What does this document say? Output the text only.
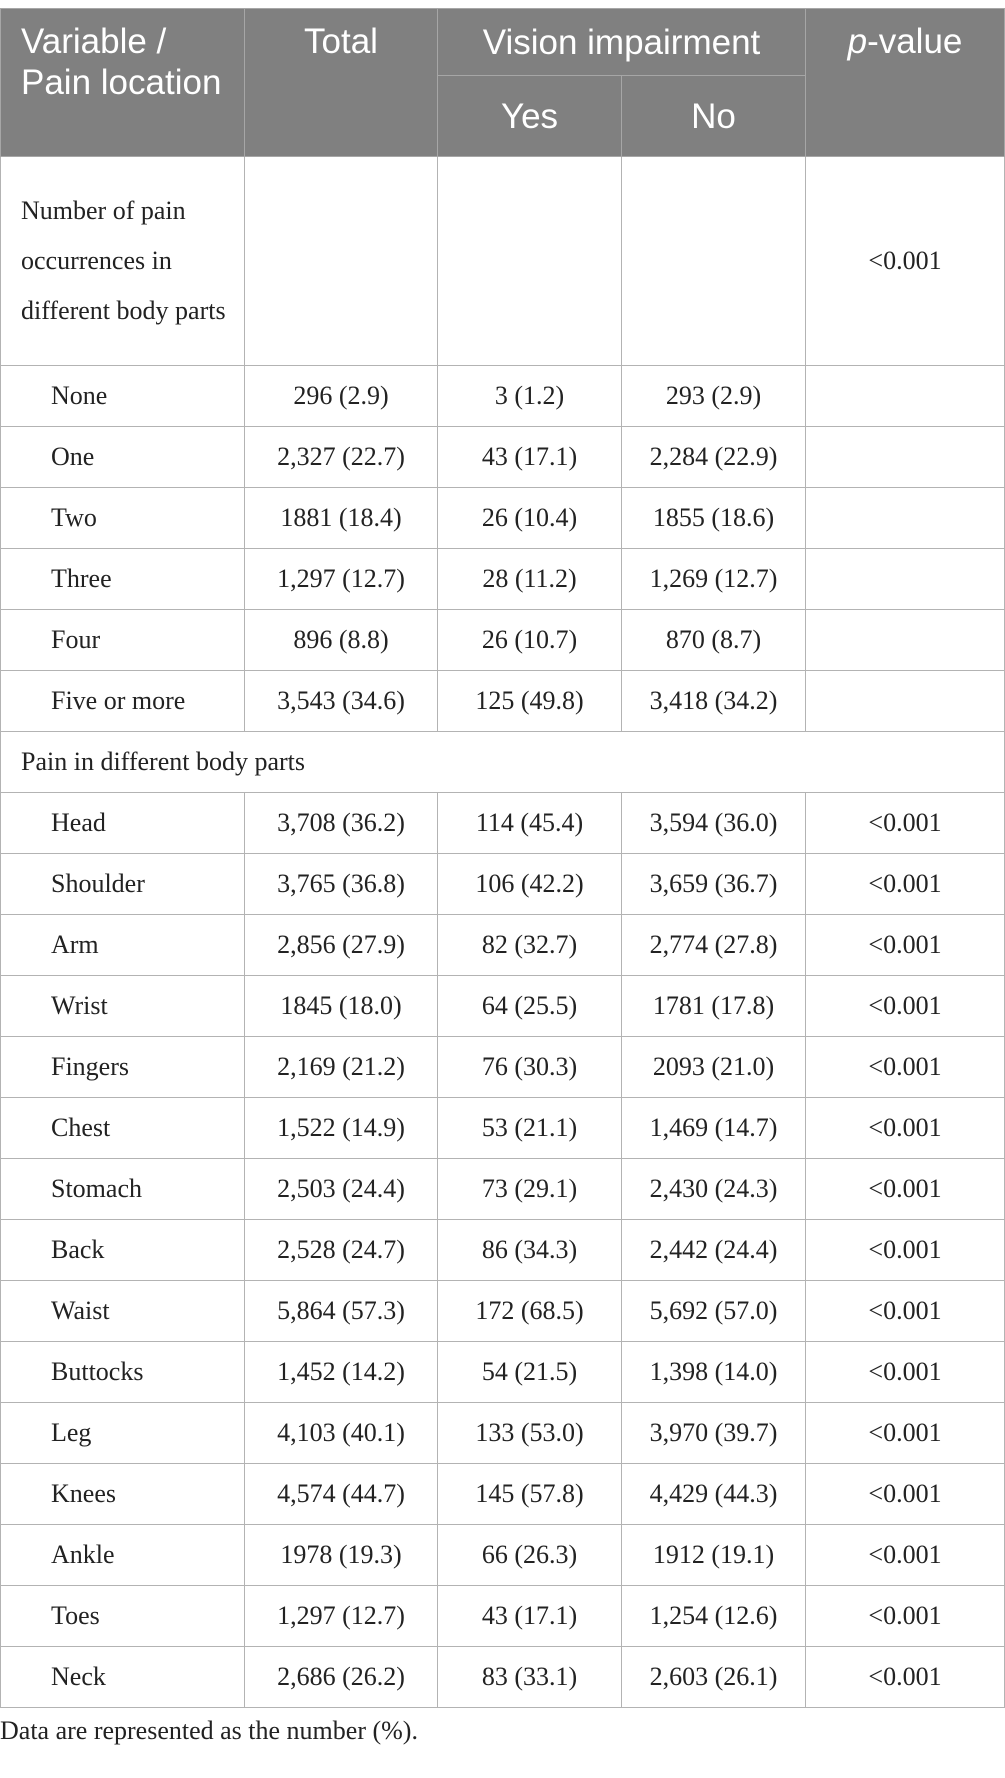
Variable / Pain location	Total	Vision impairment		p-value
		Yes	No	
Number of pain occurrences in different body parts				<0.001
None	296 (2.9)	3 (1.2)	293 (2.9)	
One	2,327 (22.7)	43 (17.1)	2,284 (22.9)	
Two	1881 (18.4)	26 (10.4)	1855 (18.6)	
Three	1,297 (12.7)	28 (11.2)	1,269 (12.7)	
Four	896 (8.8)	26 (10.7)	870 (8.7)	
Five or more	3,543 (34.6)	125 (49.8)	3,418 (34.2)	
Pain in different body parts				
Head	3,708 (36.2)	114 (45.4)	3,594 (36.0)	<0.001
Shoulder	3,765 (36.8)	106 (42.2)	3,659 (36.7)	<0.001
Arm	2,856 (27.9)	82 (32.7)	2,774 (27.8)	<0.001
Wrist	1845 (18.0)	64 (25.5)	1781 (17.8)	<0.001
Fingers	2,169 (21.2)	76 (30.3)	2093 (21.0)	<0.001
Chest	1,522 (14.9)	53 (21.1)	1,469 (14.7)	<0.001
Stomach	2,503 (24.4)	73 (29.1)	2,430 (24.3)	<0.001
Back	2,528 (24.7)	86 (34.3)	2,442 (24.4)	<0.001
Waist	5,864 (57.3)	172 (68.5)	5,692 (57.0)	<0.001
Buttocks	1,452 (14.2)	54 (21.5)	1,398 (14.0)	<0.001
Leg	4,103 (40.1)	133 (53.0)	3,970 (39.7)	<0.001
Knees	4,574 (44.7)	145 (57.8)	4,429 (44.3)	<0.001
Ankle	1978 (19.3)	66 (26.3)	1912 (19.1)	<0.001
Toes	1,297 (12.7)	43 (17.1)	1,254 (12.6)	<0.001
Neck	2,686 (26.2)	83 (33.1)	2,603 (26.1)	<0.001

Data are represented as the number (%).
